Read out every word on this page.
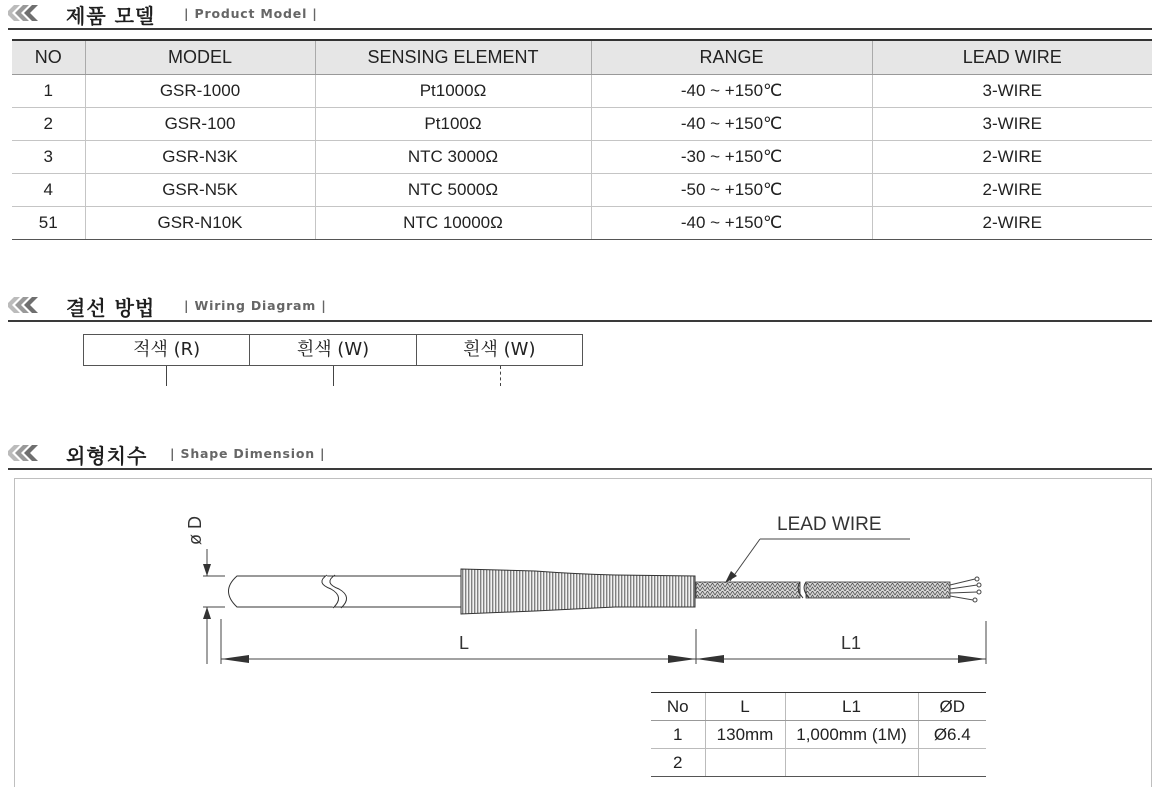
제품 모델 | Product Model |
NO	MODEL	SENSING ELEMENT	RANGE	LEAD WIRE
1	GSR-1000	Pt1000Ω	-40 ~ +150℃	3-WIRE
2	GSR-100	Pt100Ω	-40 ~ +150℃	3-WIRE
3	GSR-N3K	NTC 3000Ω	-30 ~ +150℃	2-WIRE
4	GSR-N5K	NTC 5000Ω	-50 ~ +150℃	2-WIRE
51	GSR-N10K	NTC 10000Ω	-40 ~ +150℃	2-WIRE
결선 방법 | Wiring Diagram |
적색 (R)	흰색 (W)	흰색 (W)
외형치수 | Shape Dimension |
ø D	LEAD WIRE
L	L1
No	L	L1	ØD
1	130mm	1,000mm (1M)	Ø6.4
2			
